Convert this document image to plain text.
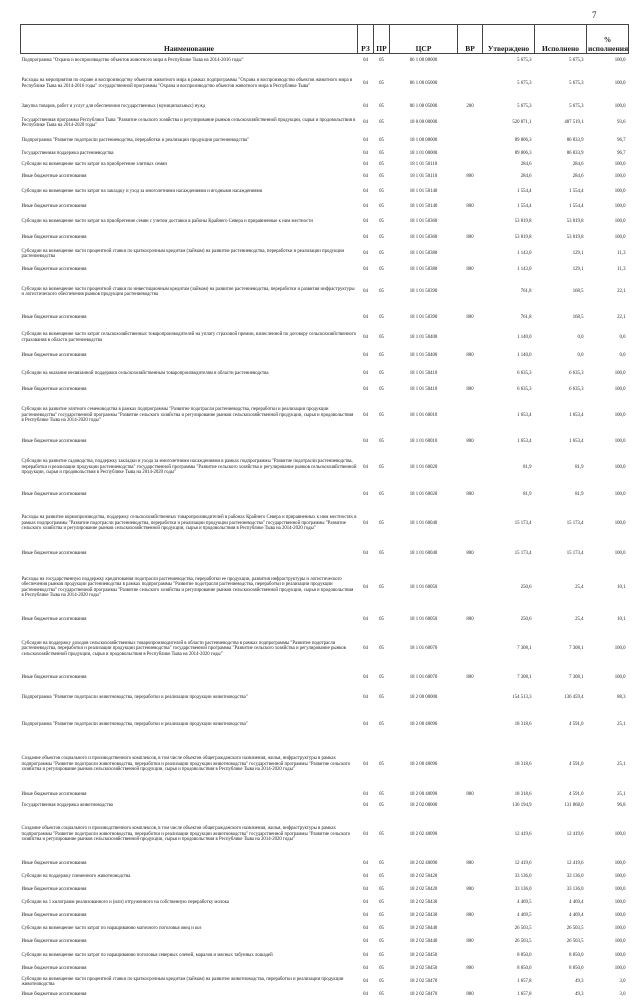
7
Наименование	РЗ	ПР	ЦСР	ВР	Утверждено	Исполнено	%
исполнения

Подпрограмма "Охрана и воспроизводство объектов животного мира в Республике Тыва на 2014-2016 годы"	04	05	06 1 00 00000		5 675,3	5 675,3	100,0
Расходы на мероприятия по охране и воспроизводству объектов животного мира в рамках подпрограммы "Охрана и воспроизводство объектов животного мира в Республике Тыва на 2014-2016 годы" государственной программы "Охрана и воспроизводство объектов животного мира в Республике Тыва"	04	05	06 1 00 05000		5 675,3	5 675,3	100,0
Закупка товаров, работ и услуг для обеспечения государственных (муниципальных) нужд	04	05	06 1 00 05000	200	5 675,3	5 675,3	100,0
Государственная программа Республики Тыва "Развитие сельского хозяйства и регулирование рынков сельскохозяйственной продукции, сырья и продовольствия в Республике Тыва на 2014-2020 годы"	04	05	18 0 00 00000		520 871,1	487 519,1	93,6
Подпрограмма "Развитие подотрасли растениеводства, переработки и реализации продукции растениеводства"	04	05	18 1 00 00000		89 806,3	86 833,9	96,7
Государственная поддержка растениеводства	04	05	18 1 01 00000		89 806,3	86 833,9	96,7
Субсидии на возмещение части затрат на приобретение элитных семян	04	05	18 1 01 50110		284,6	284,6	100,0
Иные бюджетные ассигнования	04	05	18 1 01 50110	800	284,6	284,6	100,0
Субсидии на возмещение части затрат на закладку и уход за многолетними насаждениями и ягодными насаждениями	04	05	18 1 01 50140		1 554,4	1 554,4	100,0
Иные бюджетные ассигнования	04	05	18 1 01 50140	800	1 554,4	1 554,4	100,0
Субсидии на возмещение части затрат на приобретение семян с учетом доставки в районы Крайнего Севера и приравненные к ним местности	04	05	18 1 01 50360		53 819,8	53 819,8	100,0
Иные бюджетные ассигнования	04	05	18 1 01 50360	800	53 819,8	53 819,8	100,0
Субсидии на возмещение части процентной ставки по краткосрочным кредитам (займам) на развитие растениеводства, переработки и реализации продукции растениеводства	04	05	18 1 01 50380		1 143,0	129,1	11,3
Иные бюджетные ассигнования	04	05	18 1 01 50380	800	1 143,0	129,1	11,3
Субсидии на возмещение части процентной ставки по инвестиционным кредитам (займам) на развитие растениеводства, переработки и развития инфраструктуры и логистического обеспечения рынков продукции растениеводства	04	05	18 1 01 50390		761,8	168,5	22,1
Иные бюджетные ассигнования	04	05	18 1 01 50390	800	761,8	168,5	22,1
Субсидии на возмещение части затрат сельскохозяйственных товаропроизводителей на уплату страховой премии, начисленной по договору сельскохозяйственного страхования в области растениеводства	04	05	18 1 01 50400		1 140,0	0,0	0,0
Иные бюджетные ассигнования	04	05	18 1 01 50400	800	1 140,0	0,0	0,0
Субсидии на оказание несвязанной поддержки сельскохозяйственным товаропроизводителям в области растениеводства	04	05	18 1 01 50410		6 635,3	6 635,3	100,0
Иные бюджетные ассигнования	04	05	18 1 01 50410	800	6 635,3	6 635,3	100,0
Субсидии на развитие элитного семеноводства в рамках подпрограммы "Развитие подотрасли растениеводства, переработки и реализации продукции растениеводства" государственной программы "Развитие сельского хозяйства и регулирование рынков сельскохозяйственной продукции, сырья и продовольствия в Республике Тыва на 2014-2020 годы"	04	05	18 1 01 60010		1 653,4	1 653,4	100,0
Иные бюджетные ассигнования	04	05	18 1 01 60010	800	1 653,4	1 653,4	100,0
Субсидии на развитие садоводства, поддержку закладки и ухода за многолетними насаждениями в рамках подпрограммы "Развитие подотрасли растениеводства, переработки и реализации продукции растениеводства" государственной программы "Развитие сельского хозяйства и регулирование рынков сельскохозяйственной продукции, сырья и продовольствия в Республике Тыва на 2014-2020 годы"	04	05	18 1 01 60020		81,9	81,9	100,0
Иные бюджетные ассигнования	04	05	18 1 01 60020	800	81,9	81,9	100,0
Расходы на развитие кормопроизводства, поддержку сельскохозяйственных товаропроизводителей в районах Крайнего Севера и приравненных к ним местностях в рамках подпрограммы "Развитие подотрасли растениеводства, переработки и реализации продукции растениеводства" государственной программы "Развитие сельского хозяйства и регулирование рынков сельскохозяйственной продукции, сырья и продовольствия в Республике Тыва на 2014-2020 годы"	04	05	18 1 01 60040		15 173,4	15 173,4	100,0
Иные бюджетные ассигнования	04	05	18 1 01 60040	800	15 173,4	15 173,4	100,0
Расходы на государственную поддержку кредитования подотрасли растениеводства, переработки ее продукции, развития инфраструктуры и логистического обеспечения рынков продукции растениеводства в рамках подпрограммы "Развитие подотрасли растениеводства, переработки и реализации продукции растениеводства" государственной программы "Развитие сельского хозяйства и регулирование рынков сельскохозяйственной продукции, сырья и продовольствия в Республике Тыва на 2014-2020 годы"	04	05	18 1 01 60050		250,6	25,4	10,1
Иные бюджетные ассигнования	04	05	18 1 01 60050	800	250,6	25,4	10,1
Субсидии на поддержку доходов сельскохозяйственных товаропроизводителей в области растениеводства в рамках подпрограммы "Развитие подотрасли растениеводства, переработки и реализации продукции растениеводства" государственной программы "Развитие сельского хозяйства и регулирование рынков сельскохозяйственной продукции, сырья и продовольствия в Республике Тыва на 2014-2020 годы"	04	05	18 1 01 60070		7 308,1	7 308,1	100,0
Иные бюджетные ассигнования	04	05	18 1 01 60070	800	7 308,1	7 308,1	100,0
Подпрограмма "Развитие подотрасли животноводства, переработки и реализации продукции животноводства"	04	05	18 2 00 00000		154 513,3	136 459,4	88,3
Подпрограмма "Развитие подотрасли животноводства, переработки и реализации продукции животноводства"	04	05	18 2 00 40090		18 318,6	4 591,0	25,1
Создание объектов социального и производственного комплексов, в том числе объектов общегражданского назначения, жилья, инфраструктуры в рамках подпрограммы "Развитие подотрасли животноводства, переработки и реализации продукции животноводства" государственной программы "Развитие сельского хозяйства и регулирование рынков сельскохозяйственной продукции, сырья и продовольствия в Республике Тыва на 2014-2020 годы"	04	05	18 2 00 40090		18 318,6	4 591,0	25,1
Иные бюджетные ассигнования	04	05	18 2 00 40090	800	18 318,6	4 591,0	25,1
Государственная поддержка животноводства	04	05	18 2 02 00000		136 194,9	131 868,0	96,8
Создание объектов социального и производственного комплексов, в том числе объектов общегражданского назначения, жилья, инфраструктуры в рамках подпрограммы "Развитие подотрасли животноводства, переработки и реализации продукции животноводства" государственной программы "Развитие сельского хозяйства и регулирование рынков сельскохозяйственной продукции, сырья и продовольствия в Республике Тыва на 2014-2020 годы"	04	05	18 2 02 40090		12 419,6	12 419,6	100,0
Иные бюджетные ассигнования	04	05	18 2 02 40090	800	12 419,6	12 419,6	100,0
Субсидии на поддержку племенного животноводства	04	05	18 2 02 50420		33 136,0	33 136,0	100,0
Иные бюджетные ассигнования	04	05	18 2 02 50420	800	33 136,0	33 136,0	100,0
Субсидии на 1 килограмм реализованного и (или) отгруженного на собственную переработку молока	04	05	18 2 02 50430		4 469,5	4 469,4	100,0
Иные бюджетные ассигнования	04	05	18 2 02 50430	800	4 469,5	4 469,4	100,0
Субсидии на возмещение части затрат по наращиванию маточного поголовья овец и коз	04	05	18 2 02 50440		26 503,5	26 503,5	100,0
Иные бюджетные ассигнования	04	05	18 2 02 50440	800	26 503,5	26 503,5	100,0
Субсидии на возмещение части затрат по наращиванию поголовья северных оленей, маралов и мясных табунных лошадей	04	05	18 2 02 50450		8 850,0	8 850,0	100,0
Иные бюджетные ассигнования	04	05	18 2 02 50450	800	8 850,0	8 850,0	100,0
Субсидии на возмещение части процентной ставки по краткосрочным кредитам (займам) на развитие животноводства, переработки и реализации продукции животноводства	04	05	18 2 02 50470		1 657,8	49,3	3,0
Иные бюджетные ассигнования	04	05	18 2 02 50470	800	1 657,8	49,3	3,0
